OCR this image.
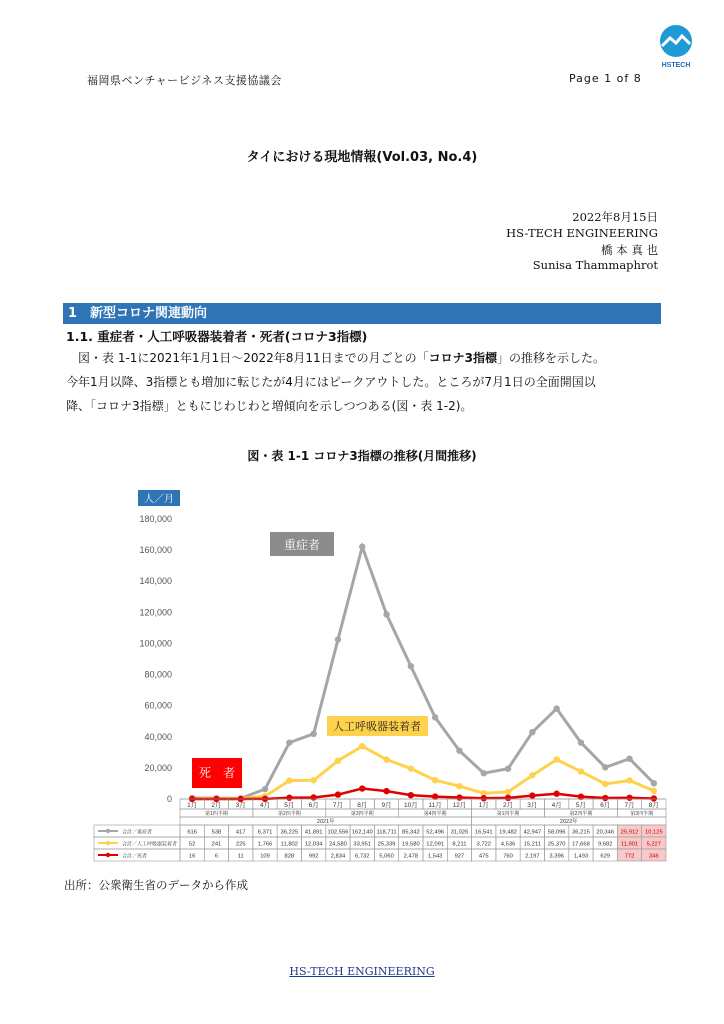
HSTECH
福岡県ベンチャービジネス支援協議会	Page 1 of 8
タイにおける現地情報(Vol.03, No.4)
2022年8月15日
HS-TECH ENGINEERING
橋 本 真 也
Sunisa Thammaphrot
1　新型コロナ関連動向
1.1. 重症者・人工呼吸器装着者・死者(コロナ3指標)
図・表 1-1に2021年1月1日～2022年8月11日までの月ごとの「コロナ3指標」の推移を示した。
今年1月以降、3指標とも増加に転じたが4月にはピークアウトした。ところが7月1日の全面開国以
降、「コロナ3指標」ともにじわじわと増傾向を示しつつある(図・表 1-2)。
図・表 1-1 コロナ3指標の推移(月間推移)
人／月
0
20,000
40,000
60,000
80,000
100,000
120,000
140,000
160,000
180,000
重症者
人工呼吸器装着者
死　者
1月 2月 3月 4月 5月 6月 7月 8月 9月 10月 11月 12月 1月 2月 3月 4月 5月 6月 7月 8月
第1四半期	第2四半期	第3四半期	第4四半期	第1四半期	第2四半期	第3四半期
2021年	2022年
合計／重症者	616	538	417 6,371 36,225 41,891 102,556 162,140 118,711 85,342 52,496 31,026 16,541 19,482 42,947 58,096 36,215 20,346 25,912 10,125
合計／人工呼吸器装着者 52	241	225 1,766 11,802 12,034 24,580 33,951 25,339 19,580 12,091 8,211 3,722 4,536 15,211 25,370 17,668 9,682 11,901 5,227
合計／死者	16	6	11	109	828	992 2,834 6,732 5,060 2,478 1,543 927	475	760 2,197 3,396 1,493 629	772	346
出所：公衆衛生省のデータから作成
HS-TECH ENGINEERING
